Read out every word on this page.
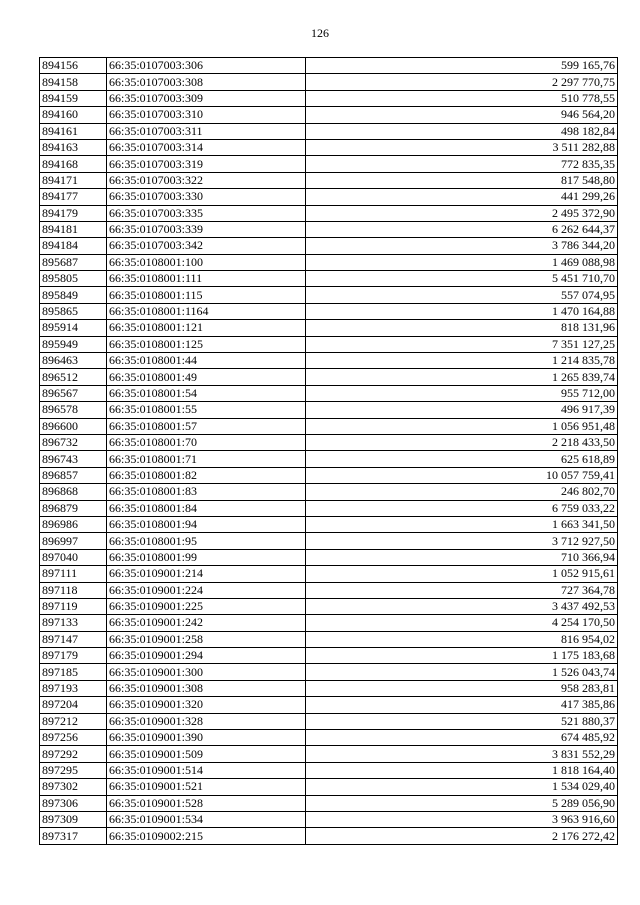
126
894156	66:35:0107003:306	599 165,76
894158	66:35:0107003:308	2 297 770,75
894159	66:35:0107003:309	510 778,55
894160	66:35:0107003:310	946 564,20
894161	66:35:0107003:311	498 182,84
894163	66:35:0107003:314	3 511 282,88
894168	66:35:0107003:319	772 835,35
894171	66:35:0107003:322	817 548,80
894177	66:35:0107003:330	441 299,26
894179	66:35:0107003:335	2 495 372,90
894181	66:35:0107003:339	6 262 644,37
894184	66:35:0107003:342	3 786 344,20
895687	66:35:0108001:100	1 469 088,98
895805	66:35:0108001:111	5 451 710,70
895849	66:35:0108001:115	557 074,95
895865	66:35:0108001:1164	1 470 164,88
895914	66:35:0108001:121	818 131,96
895949	66:35:0108001:125	7 351 127,25
896463	66:35:0108001:44	1 214 835,78
896512	66:35:0108001:49	1 265 839,74
896567	66:35:0108001:54	955 712,00
896578	66:35:0108001:55	496 917,39
896600	66:35:0108001:57	1 056 951,48
896732	66:35:0108001:70	2 218 433,50
896743	66:35:0108001:71	625 618,89
896857	66:35:0108001:82	10 057 759,41
896868	66:35:0108001:83	246 802,70
896879	66:35:0108001:84	6 759 033,22
896986	66:35:0108001:94	1 663 341,50
896997	66:35:0108001:95	3 712 927,50
897040	66:35:0108001:99	710 366,94
897111	66:35:0109001:214	1 052 915,61
897118	66:35:0109001:224	727 364,78
897119	66:35:0109001:225	3 437 492,53
897133	66:35:0109001:242	4 254 170,50
897147	66:35:0109001:258	816 954,02
897179	66:35:0109001:294	1 175 183,68
897185	66:35:0109001:300	1 526 043,74
897193	66:35:0109001:308	958 283,81
897204	66:35:0109001:320	417 385,86
897212	66:35:0109001:328	521 880,37
897256	66:35:0109001:390	674 485,92
897292	66:35:0109001:509	3 831 552,29
897295	66:35:0109001:514	1 818 164,40
897302	66:35:0109001:521	1 534 029,40
897306	66:35:0109001:528	5 289 056,90
897309	66:35:0109001:534	3 963 916,60
897317	66:35:0109002:215	2 176 272,42
